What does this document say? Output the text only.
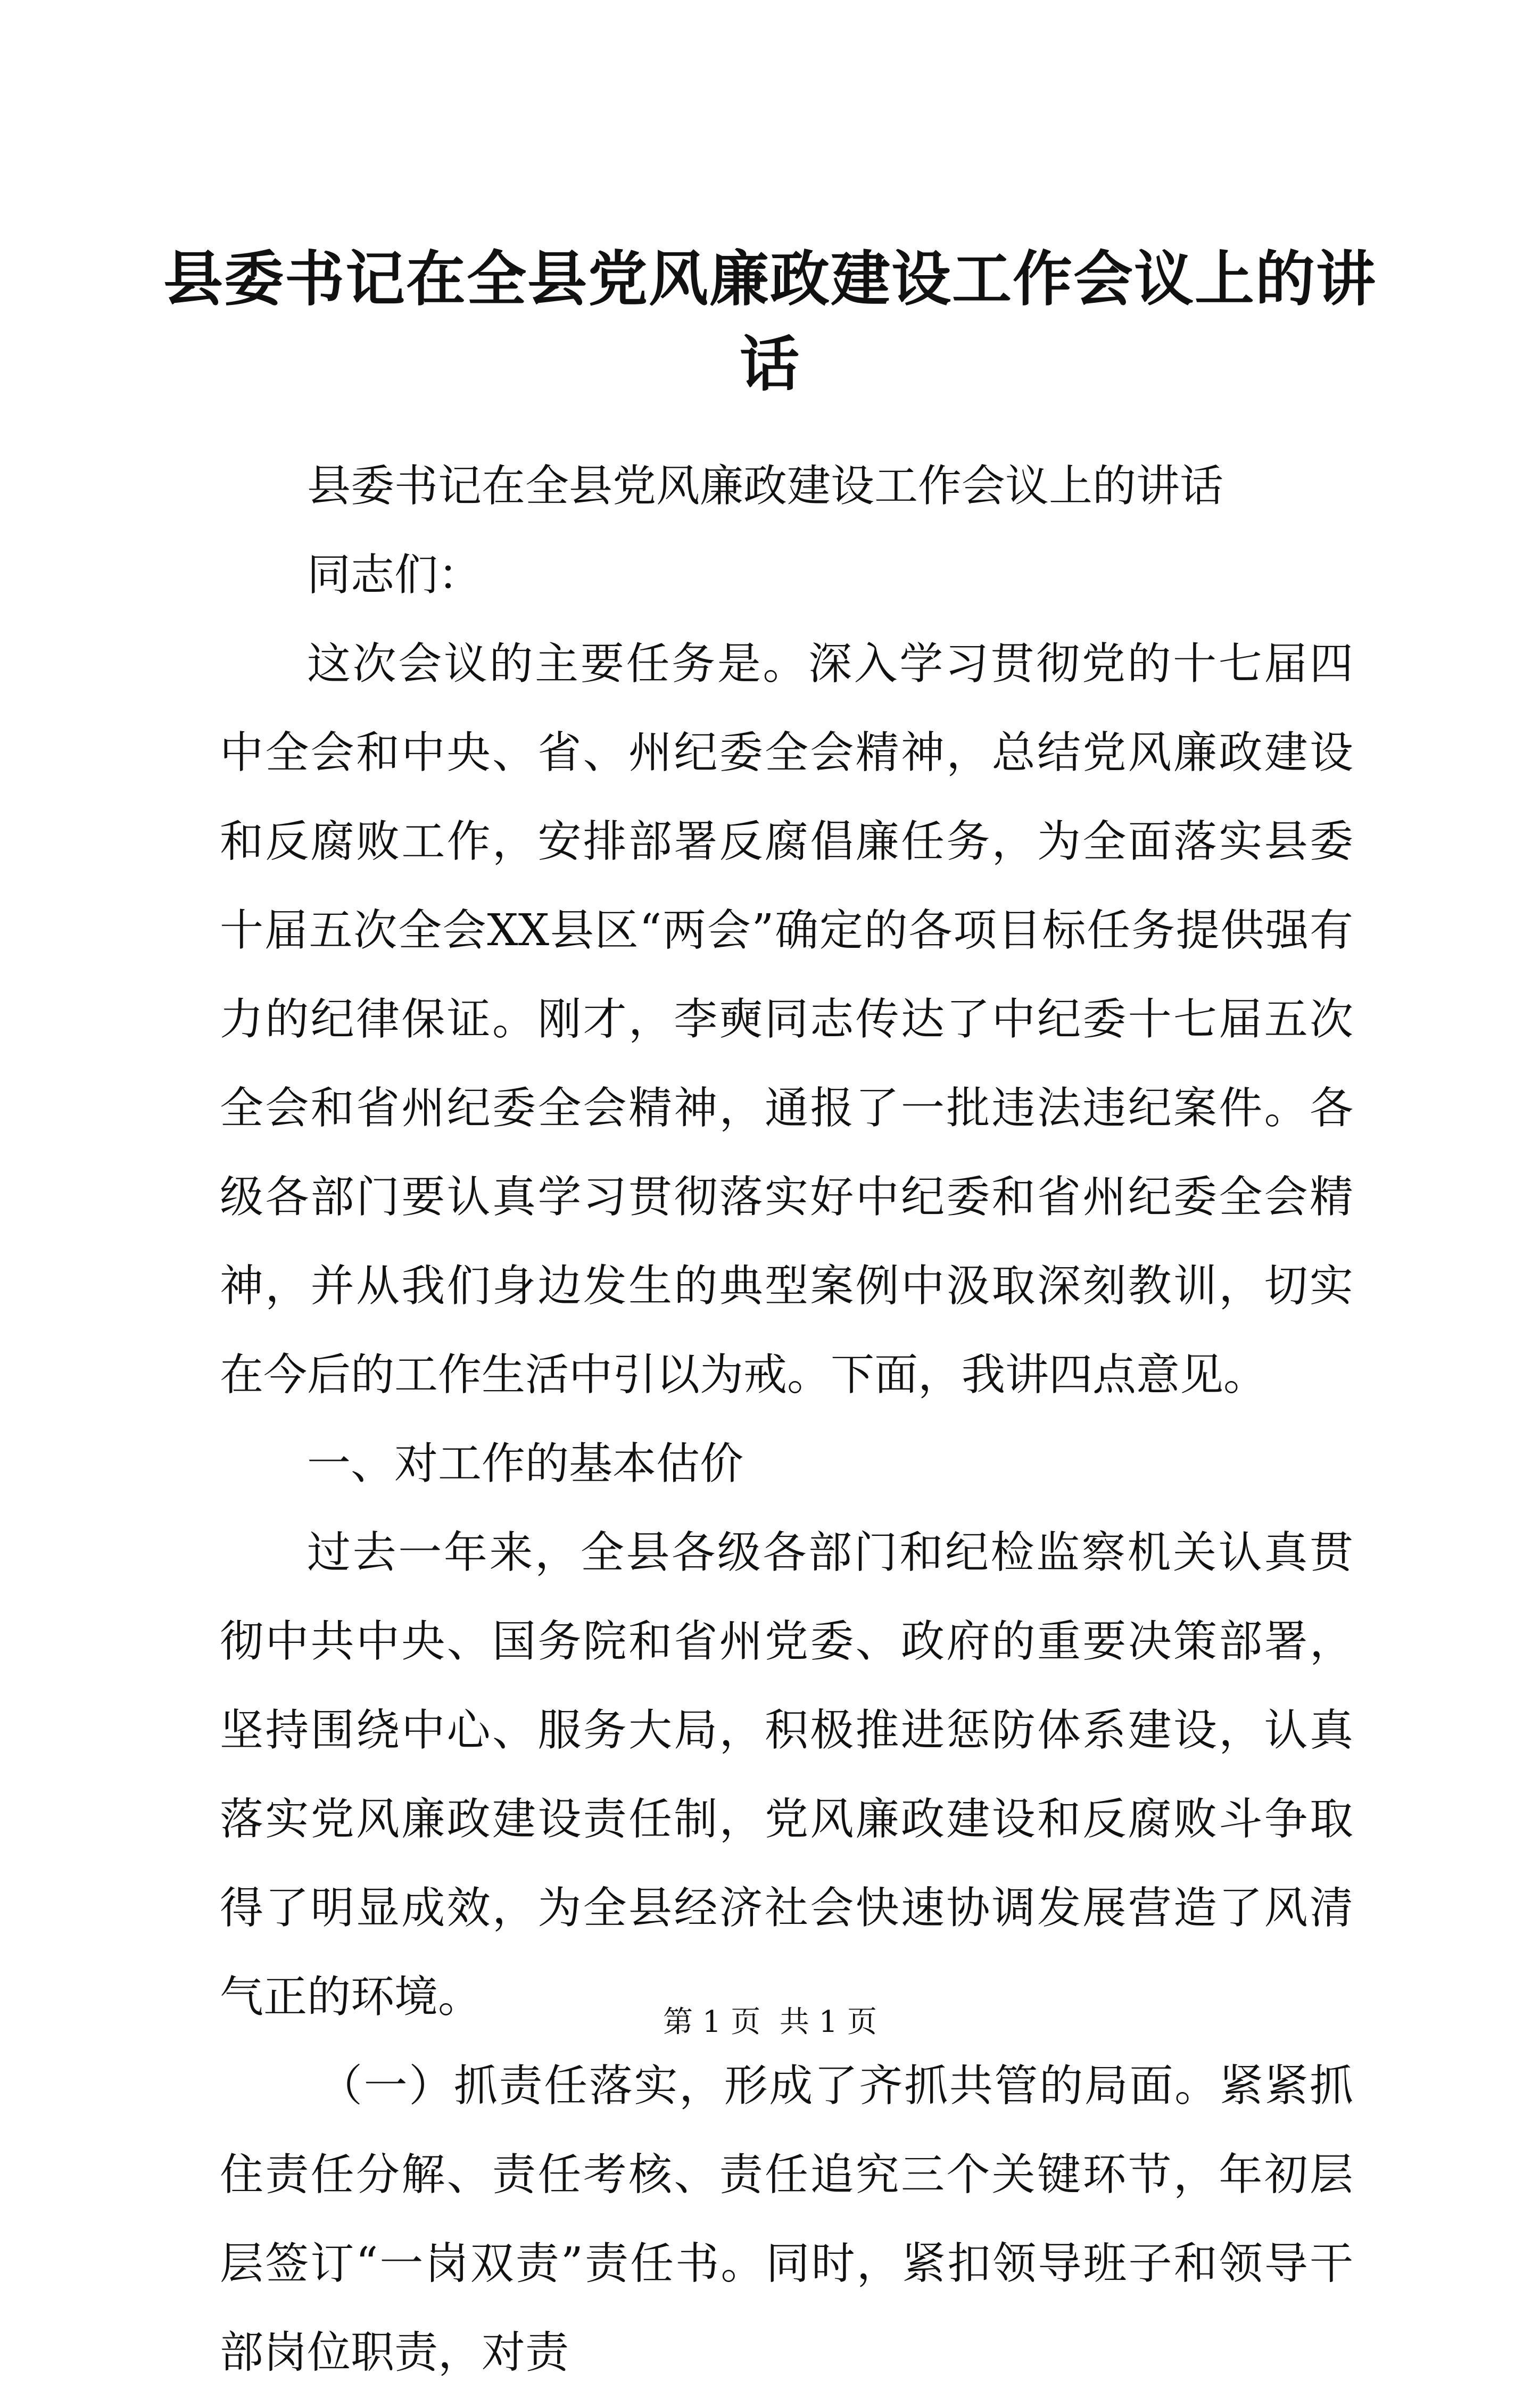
县委书记在全县党风廉政建设工作会议上的讲
话

县委书记在全县党风廉政建设工作会议上的讲话

同志们：

这次会议的主要任务是。深入学习贯彻党的十七届四中全会和中央、省、州纪委全会精神，总结党风廉政建设和反腐败工作，安排部署反腐倡廉任务，为全面落实县委十届五次全会XX县区“两会”确定的各项目标任务提供强有力的纪律保证。刚才，李奭同志传达了中纪委十七届五次全会和省州纪委全会精神，通报了一批违法违纪案件。各级各部门要认真学习贯彻落实好中纪委和省州纪委全会精神，并从我们身边发生的典型案例中汲取深刻教训，切实在今后的工作生活中引以为戒。下面，我讲四点意见。

一、对工作的基本估价

过去一年来，全县各级各部门和纪检监察机关认真贯彻中共中央、国务院和省州党委、政府的重要决策部署，坚持围绕中心、服务大局，积极推进惩防体系建设，认真落实党风廉政建设责任制，党风廉政建设和反腐败斗争取得了明显成效，为全县经济社会快速协调发展营造了风清气正的环境。

（一）抓责任落实，形成了齐抓共管的局面。紧紧抓住责任分解、责任考核、责任追究三个关键环节，年初层层签订“一岗双责”责任书。同时，紧扣领导班子和领导干部岗位职责，对责

第 1 页  共 1 页
